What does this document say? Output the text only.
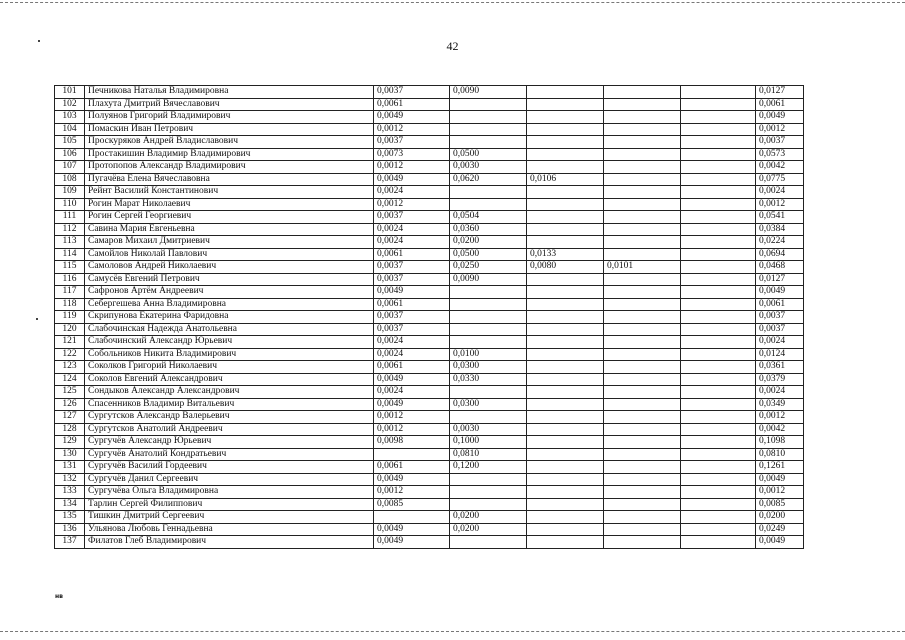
42
101	Печникова Наталья Владимировна	0,0037	0,0090				0,0127
102	Плахута Дмитрий Вячеславович	0,0061					0,0061
103	Полуянов Григорий Владимирович	0,0049					0,0049
104	Помаскин Иван Петрович	0,0012					0,0012
105	Проскуряков Андрей Владиславович	0,0037					0,0037
106	Простакишин Владимир Владимирович	0,0073	0,0500				0,0573
107	Протопопов Александр Владимирович	0,0012	0,0030				0,0042
108	Пугачёва Елена Вячеславовна	0,0049	0,0620	0,0106			0,0775
109	Рейнт Василий Константинович	0,0024					0,0024
110	Рогин Марат Николаевич	0,0012					0,0012
111	Рогин Сергей Георгиевич	0,0037	0,0504				0,0541
112	Савина Мария Евгеньевна	0,0024	0,0360				0,0384
113	Самаров Михаил Дмитриевич	0,0024	0,0200				0,0224
114	Самойлов Николай Павлович	0,0061	0,0500	0,0133			0,0694
115	Самоловов Андрей Николаевич	0,0037	0,0250	0,0080	0,0101		0,0468
116	Самусёв Евгений Петрович	0,0037	0,0090				0,0127
117	Сафронов Артём Андреевич	0,0049					0,0049
118	Себергешева Анна Владимировна	0,0061					0,0061
119	Скрипунова Екатерина Фаридовна	0,0037					0,0037
120	Слабочинская Надежда Анатольевна	0,0037					0,0037
121	Слабочинский Александр Юрьевич	0,0024					0,0024
122	Собольников Никита Владимирович	0,0024	0,0100				0,0124
123	Соколков Григорий Николаевич	0,0061	0,0300				0,0361
124	Соколов Евгений Александрович	0,0049	0,0330				0,0379
125	Сондыков Александр Александрович	0,0024					0,0024
126	Спасенников Владимир Витальевич	0,0049	0,0300				0,0349
127	Сургутсков Александр Валерьевич	0,0012					0,0012
128	Сургутсков Анатолий Андреевич	0,0012	0,0030				0,0042
129	Сургучёв Александр Юрьевич	0,0098	0,1000				0,1098
130	Сургучёв Анатолий Кондратьевич		0,0810				0,0810
131	Сургучёв Василий Гордеевич	0,0061	0,1200				0,1261
132	Сургучёв Данил Сергеевич	0,0049					0,0049
133	Сургучёва Ольга Владимировна	0,0012					0,0012
134	Тарлин Сергей Филиппович	0,0085					0,0085
135	Тишкин Дмитрий Сергеевич		0,0200				0,0200
136	Ульянова Любовь Геннадьевна	0,0049	0,0200				0,0249
137	Филатов Глеб Владимирович	0,0049					0,0049
нв
